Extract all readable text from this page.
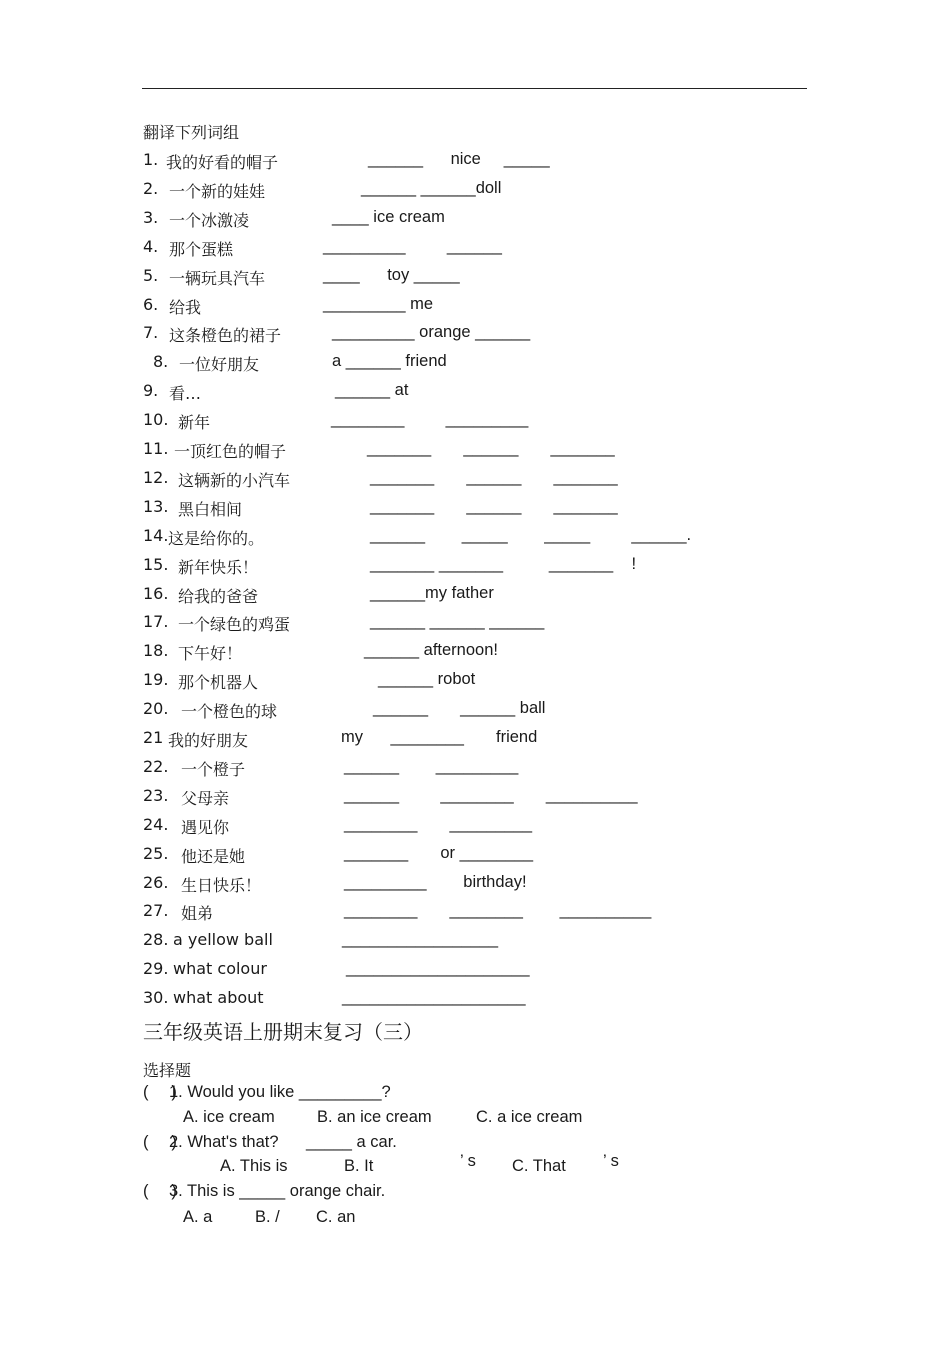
翻译下列词组
1. 我的好看的帽子	______      nice     _____
2. 一个新的娃娃	______ ______doll
3. 一个冰激凌	____ ice cream
4. 那个蛋糕	_________         ______
5. 一辆玩具汽车	____      toy _____
6. 给我	_________ me
7. 这条橙色的裙子	_________ orange ______
8. 一位好朋友	a ______ friend
9. 看…	______ at
10. 新年	________         _________
11. 一顶红色的帽子	_______       ______       _______
12. 这辆新的小汽车	_______       ______       _______
13. 黑白相间	_______       ______       _______
14. 这是给你的。	______        _____        _____         ______.
15. 新年快乐！	_______ _______          _______    !
16. 给我的爸爸	______my father
17. 一个绿色的鸡蛋	______ ______ ______
18. 下午好！	______ afternoon!
19. 那个机器人	______ robot
20. 一个橙色的球	______       ______ ball
21 我的好朋友	my      ________       friend
22. 一个橙子	______        _________
23. 父母亲	______         ________       __________
24. 遇见你	________       _________
25. 他还是她	_______       or ________
26. 生日快乐！	_________        birthday!
27. 姐弟	________       ________        __________
28. a yellow ball	_________________
29. what colour	____________________
30. what about	____________________
三年级英语上册期末复习（三）
选择题
(     )
1. Would you like _________?
A. ice cream	B. an ice cream	C. a ice cream
(     )
2. What's that?      _____ a car.
A. This is	B. It	’ s C. That ’ s
(     )
3. This is _____ orange chair.
A. a	B. / C. an
